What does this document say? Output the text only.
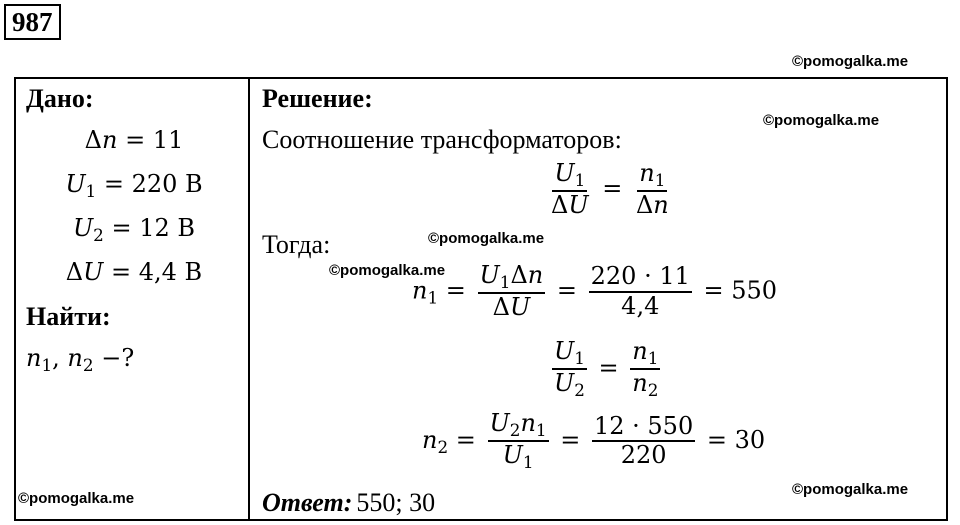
987
©pomogalka.me
©pomogalka.me
©pomogalka.me
©pomogalka.me
©pomogalka.me
©pomogalka.me
Дано:
Δn = 11
$U_1 = 220$ В
$U_2 = 12$ В
ΔU = 4,4 В
Найти:
$n_1$, $n_2$ −?
Решение:
Соотношение трансформаторов:
$\frac{U_1}{\Delta U} = \frac{n_1}{\Delta n}$
Тогда:
$n_1 = \frac{U_1\Delta n}{\Delta U} = \frac{220 \cdot 11}{4,4} = 550$
$\frac{U_1}{U_2} = \frac{n_1}{n_2}$
$n_2 = \frac{U_2n_1}{U_1} = \frac{12 \cdot 550}{220} = 30$
Ответ: 550; 30
